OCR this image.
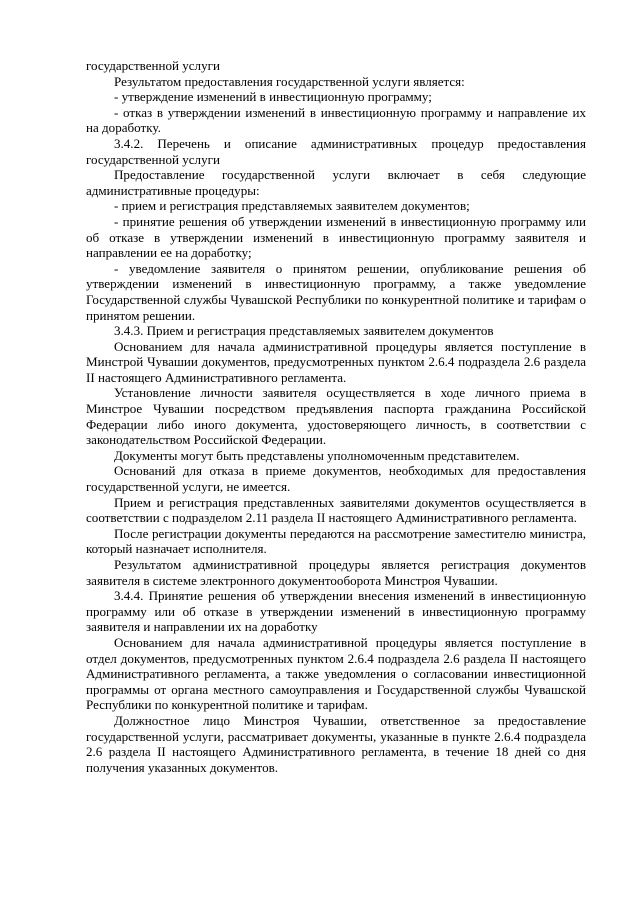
государственной услуги

Результатом предоставления государственной услуги является:

- утверждение изменений в инвестиционную программу;

- отказ в утверждении изменений в инвестиционную программу и направление их на доработку.

3.4.2. Перечень и описание административных процедур предоставления государственной услуги

Предоставление государственной услуги включает в себя следующие административные процедуры:

- прием и регистрация представляемых заявителем документов;

- принятие решения об утверждении изменений в инвестиционную программу или об отказе в утверждении изменений в инвестиционную программу заявителя и направлении ее на доработку;

- уведомление заявителя о принятом решении, опубликование решения об утверждении изменений в инвестиционную программу, а также уведомление Государственной службы Чувашской Республики по конкурентной политике и тарифам о принятом решении.

3.4.3. Прием и регистрация представляемых заявителем документов

Основанием для начала административной процедуры является поступление в Минстрой Чувашии документов, предусмотренных пунктом 2.6.4 подраздела 2.6 раздела II настоящего Административного регламента.

Установление личности заявителя осуществляется в ходе личного приема в Минстрое Чувашии посредством предъявления паспорта гражданина Российской Федерации либо иного документа, удостоверяющего личность, в соответствии с законодательством Российской Федерации.

Документы могут быть представлены уполномоченным представителем.

Оснований для отказа в приеме документов, необходимых для предоставления государственной услуги, не имеется.

Прием и регистрация представленных заявителями документов осуществляется в соответствии с подразделом 2.11 раздела II настоящего Административного регламента.

После регистрации документы передаются на рассмотрение заместителю министра, который назначает исполнителя.

Результатом административной процедуры является регистрация документов заявителя в системе электронного документооборота Минстроя Чувашии.

3.4.4. Принятие решения об утверждении внесения изменений в инвестиционную программу или об отказе в утверждении изменений в инвестиционную программу заявителя и направлении их на доработку

Основанием для начала административной процедуры является поступление в отдел документов, предусмотренных пунктом 2.6.4 подраздела 2.6 раздела II настоящего Административного регламента, а также уведомления о согласовании инвестиционной программы от органа местного самоуправления и Государственной службы Чувашской Республики по конкурентной политике и тарифам.

Должностное лицо Минстроя Чувашии, ответственное за предоставление государственной услуги, рассматривает документы, указанные в пункте 2.6.4 подраздела 2.6 раздела II настоящего Административного регламента, в течение 18 дней со дня получения указанных документов.
